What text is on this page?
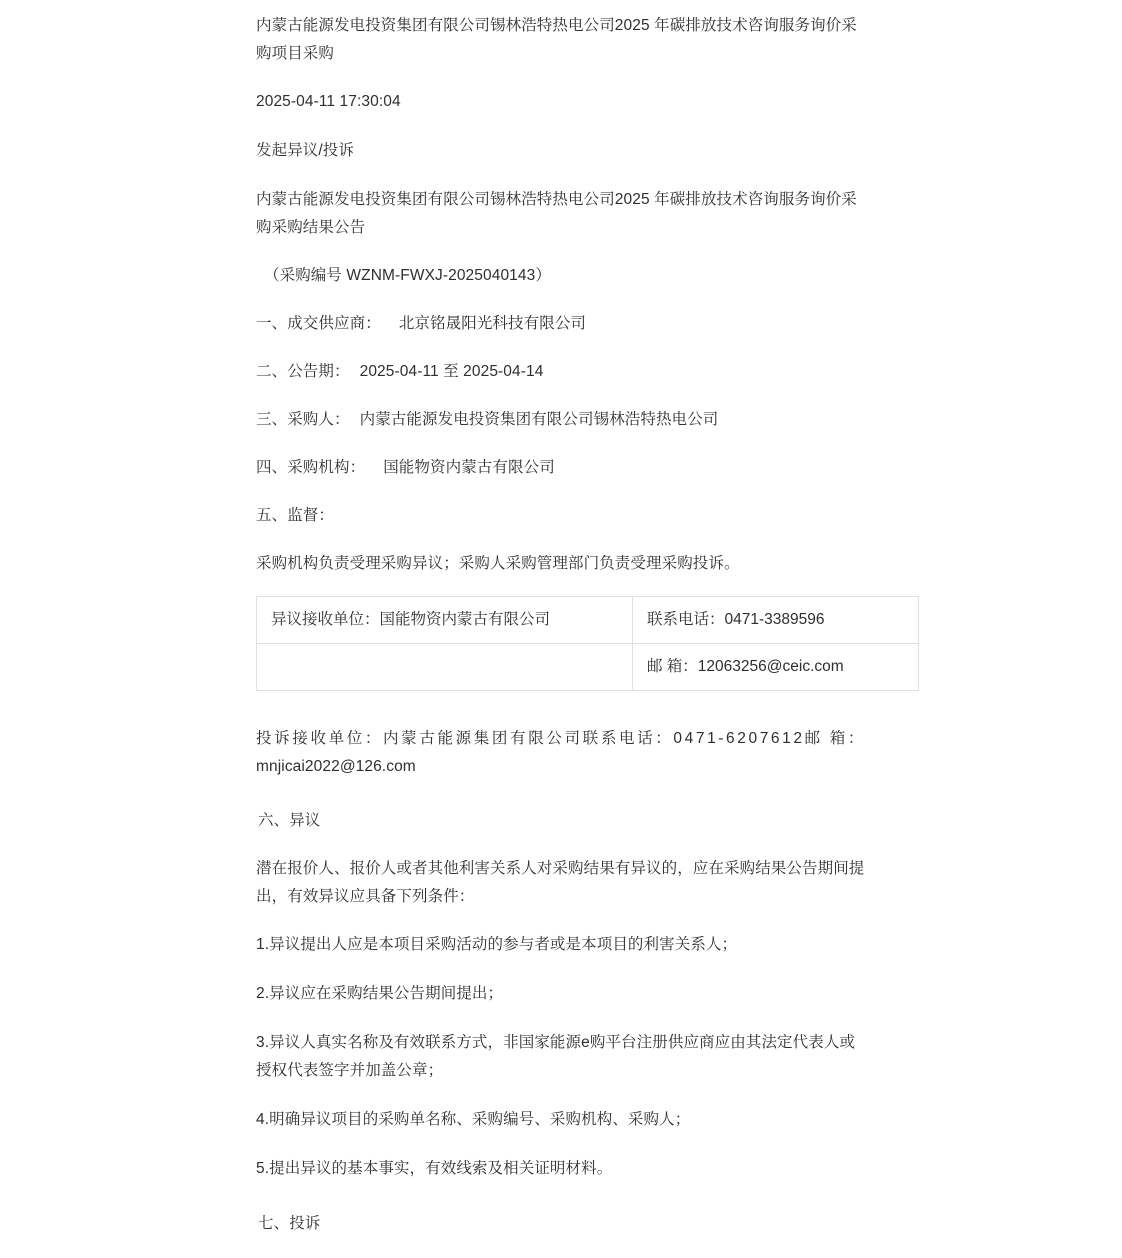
内蒙古能源发电投资集团有限公司锡林浩特热电公司2025 年碳排放技术咨询服务询价采购项目采购
2025-04-11 17:30:04
发起异议/投诉
内蒙古能源发电投资集团有限公司锡林浩特热电公司2025 年碳排放技术咨询服务询价采购采购结果公告
（采购编号 WZNM-FWXJ-2025040143）
一、成交供应商： 北京铭晟阳光科技有限公司
二、公告期： 2025-04-11 至 2025-04-14
三、采购人： 内蒙古能源发电投资集团有限公司锡林浩特热电公司
四、采购机构： 国能物资内蒙古有限公司
五、监督：
采购机构负责受理采购异议；采购人采购管理部门负责受理采购投诉。
异议接收单位：国能物资内蒙古有限公司	联系电话：0471-3389596
	邮 箱：12063256@ceic.com
投诉接收单位：内蒙古能源集团有限公司联系电话：0471-6207612邮 箱：mnjicai2022@126.com
六、异议
潜在报价人、报价人或者其他利害关系人对采购结果有异议的，应在采购结果公告期间提出，有效异议应具备下列条件：
1.异议提出人应是本项目采购活动的参与者或是本项目的利害关系人；
2.异议应在采购结果公告期间提出；
3.异议人真实名称及有效联系方式，非国家能源e购平台注册供应商应由其法定代表人或授权代表签字并加盖公章；
4.明确异议项目的采购单名称、采购编号、采购机构、采购人；
5.提出异议的基本事实，有效线索及相关证明材料。
七、投诉
